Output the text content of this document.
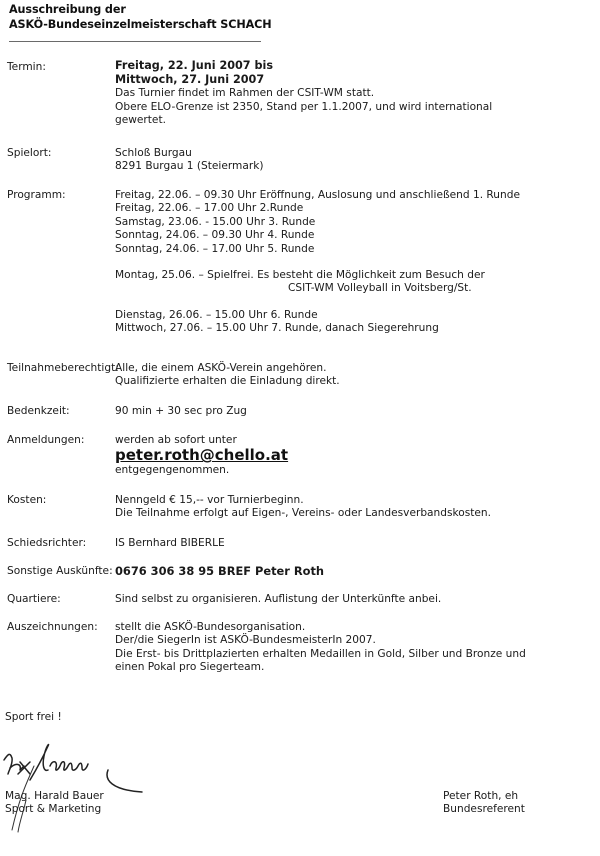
Ausschreibung der
ASKÖ-Bundeseinzelmeisterschaft SCHACH
Termin:	Freitag, 22. Juni 2007 bis
Mittwoch, 27. Juni 2007
Das Turnier findet im Rahmen der CSIT-WM statt.
Obere ELO-Grenze ist 2350, Stand per 1.1.2007, und wird international
gewertet.
Spielort:	Schloß Burgau
8291 Burgau 1 (Steiermark)
Programm:	Freitag, 22.06. – 09.30 Uhr Eröffnung, Auslosung und anschließend 1. Runde
Freitag, 22.06. – 17.00 Uhr 2.Runde
Samstag, 23.06. - 15.00 Uhr 3. Runde
Sonntag, 24.06. – 09.30 Uhr 4. Runde
Sonntag, 24.06. – 17.00 Uhr 5. Runde
Montag, 25.06. – Spielfrei. Es besteht die Möglichkeit zum Besuch der
CSIT-WM Volleyball in Voitsberg/St.
Dienstag, 26.06. – 15.00 Uhr 6. Runde
Mittwoch, 27.06. – 15.00 Uhr 7. Runde, danach Siegerehrung
Teilnahmeberechtigt:
Alle, die einem ASKÖ-Verein angehören.
Qualifizierte erhalten die Einladung direkt.
Bedenkzeit:	90 min + 30 sec pro Zug
Anmeldungen:	werden ab sofort unter
peter.roth@chello.at
entgegengenommen.
Kosten:	Nenngeld € 15,-- vor Turnierbeginn.
Die Teilnahme erfolgt auf Eigen-, Vereins- oder Landesverbandskosten.
Schiedsrichter:	IS Bernhard BIBERLE
Sonstige Auskünfte: 0676 306 38 95 BREF Peter Roth
Quartiere:	Sind selbst zu organisieren. Auflistung der Unterkünfte anbei.
Auszeichnungen: stellt die ASKÖ-Bundesorganisation.
Der/die SiegerIn ist ASKÖ-BundesmeisterIn 2007.
Die Erst- bis Drittplazierten erhalten Medaillen in Gold, Silber und Bronze und
einen Pokal pro Siegerteam.
Sport frei !
Mag. Harald Bauer
Sport & Marketing
Peter Roth, eh
Bundesreferent
